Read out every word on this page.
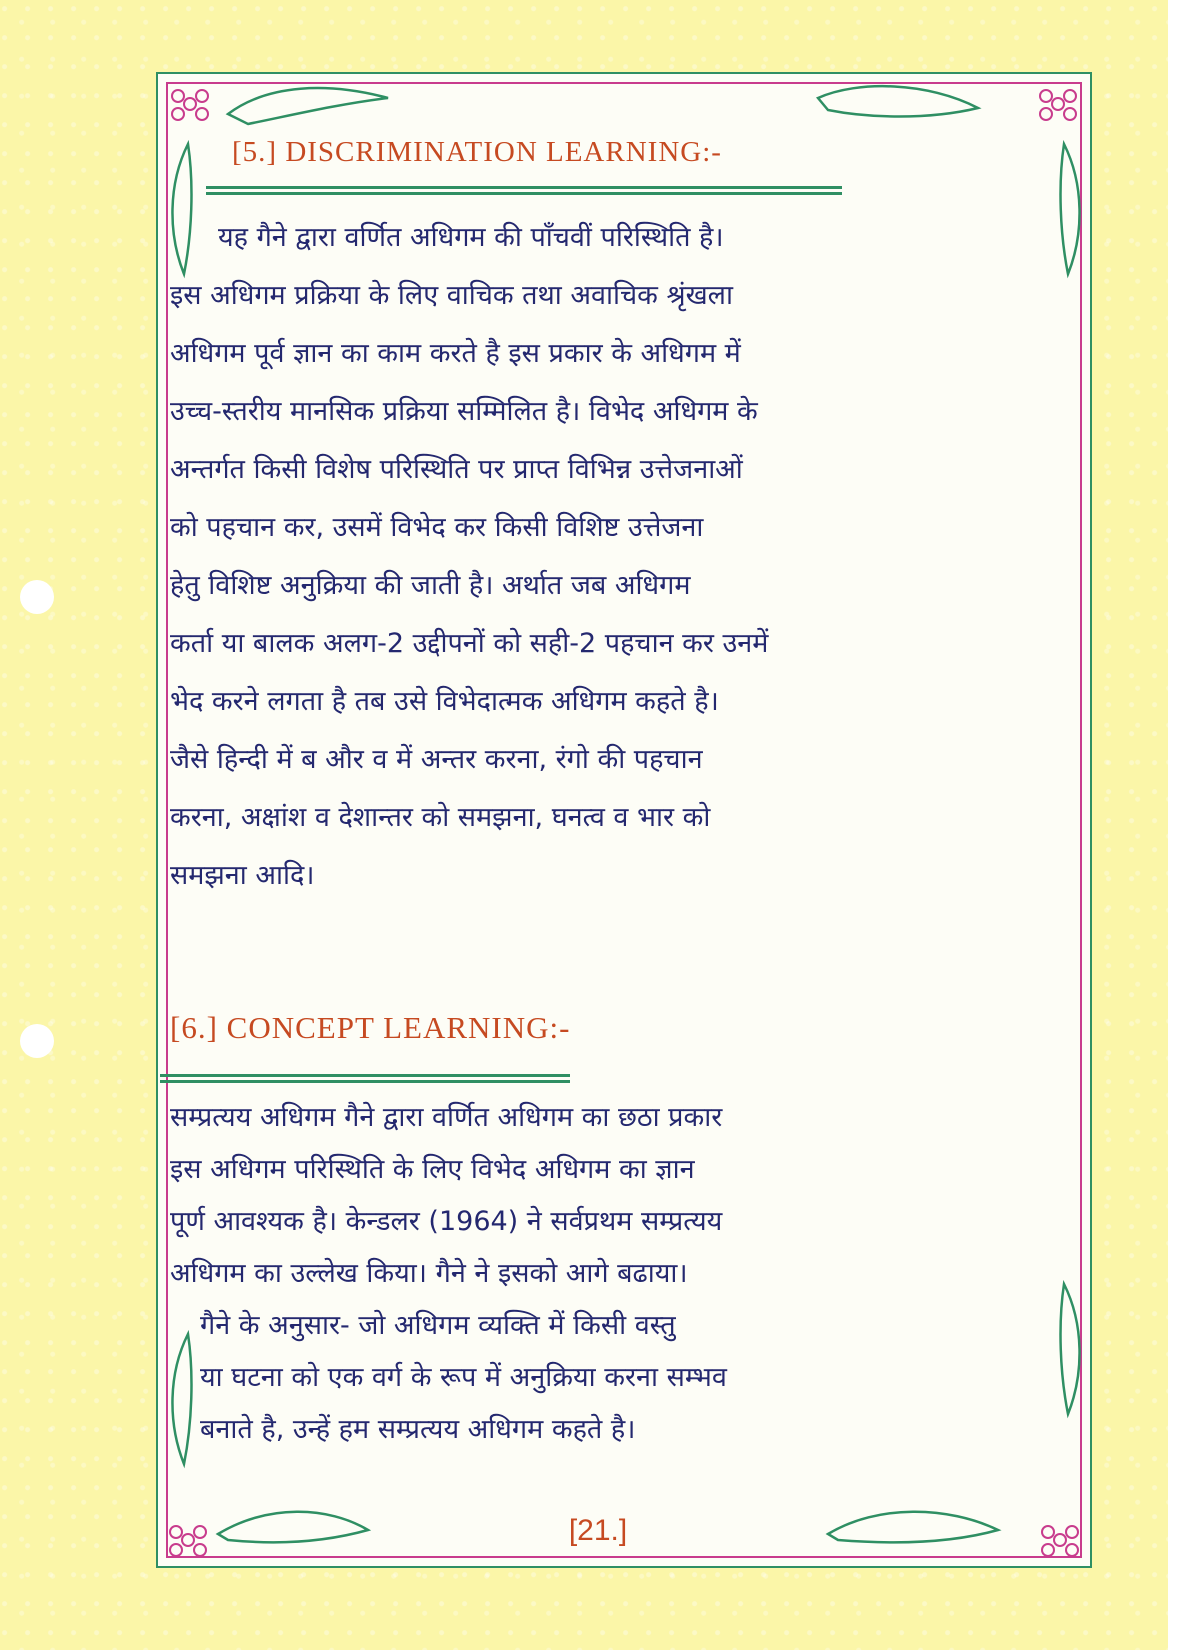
[5.] DISCRIMINATION LEARNING:-
यह गैने द्वारा वर्णित अधिगम की पाँचवीं परिस्थिति है।
इस अधिगम प्रक्रिया के लिए वाचिक तथा अवाचिक श्रृंखला
अधिगम पूर्व ज्ञान का काम करते है इस प्रकार के अधिगम में
उच्च-स्तरीय मानसिक प्रक्रिया सम्मिलित है। विभेद अधिगम के
अन्तर्गत किसी विशेष परिस्थिति पर प्राप्त विभिन्न उत्तेजनाओं
को पहचान कर, उसमें विभेद कर किसी विशिष्ट उत्तेजना
हेतु विशिष्ट अनुक्रिया की जाती है। अर्थात जब अधिगम
कर्ता या बालक अलग-2 उद्दीपनों को सही-2 पहचान कर उनमें
भेद करने लगता है तब उसे विभेदात्मक अधिगम कहते है।
जैसे हिन्दी में ब और व में अन्तर करना, रंगो की पहचान
करना, अक्षांश व देशान्तर को समझना, घनत्व व भार को
समझना आदि।
[6.] CONCEPT LEARNING:-
सम्प्रत्यय अधिगम गैने द्वारा वर्णित अधिगम का छठा प्रकार
इस अधिगम परिस्थिति के लिए विभेद अधिगम का ज्ञान
पूर्ण आवश्यक है। केन्डलर (1964) ने सर्वप्रथम सम्प्रत्यय
अधिगम का उल्लेख किया। गैने ने इसको आगे बढाया।
गैने के अनुसार- जो अधिगम व्यक्ति में किसी वस्तु
या घटना को एक वर्ग के रूप में अनुक्रिया करना सम्भव
बनाते है, उन्हें हम सम्प्रत्यय अधिगम कहते है।
[21.]
